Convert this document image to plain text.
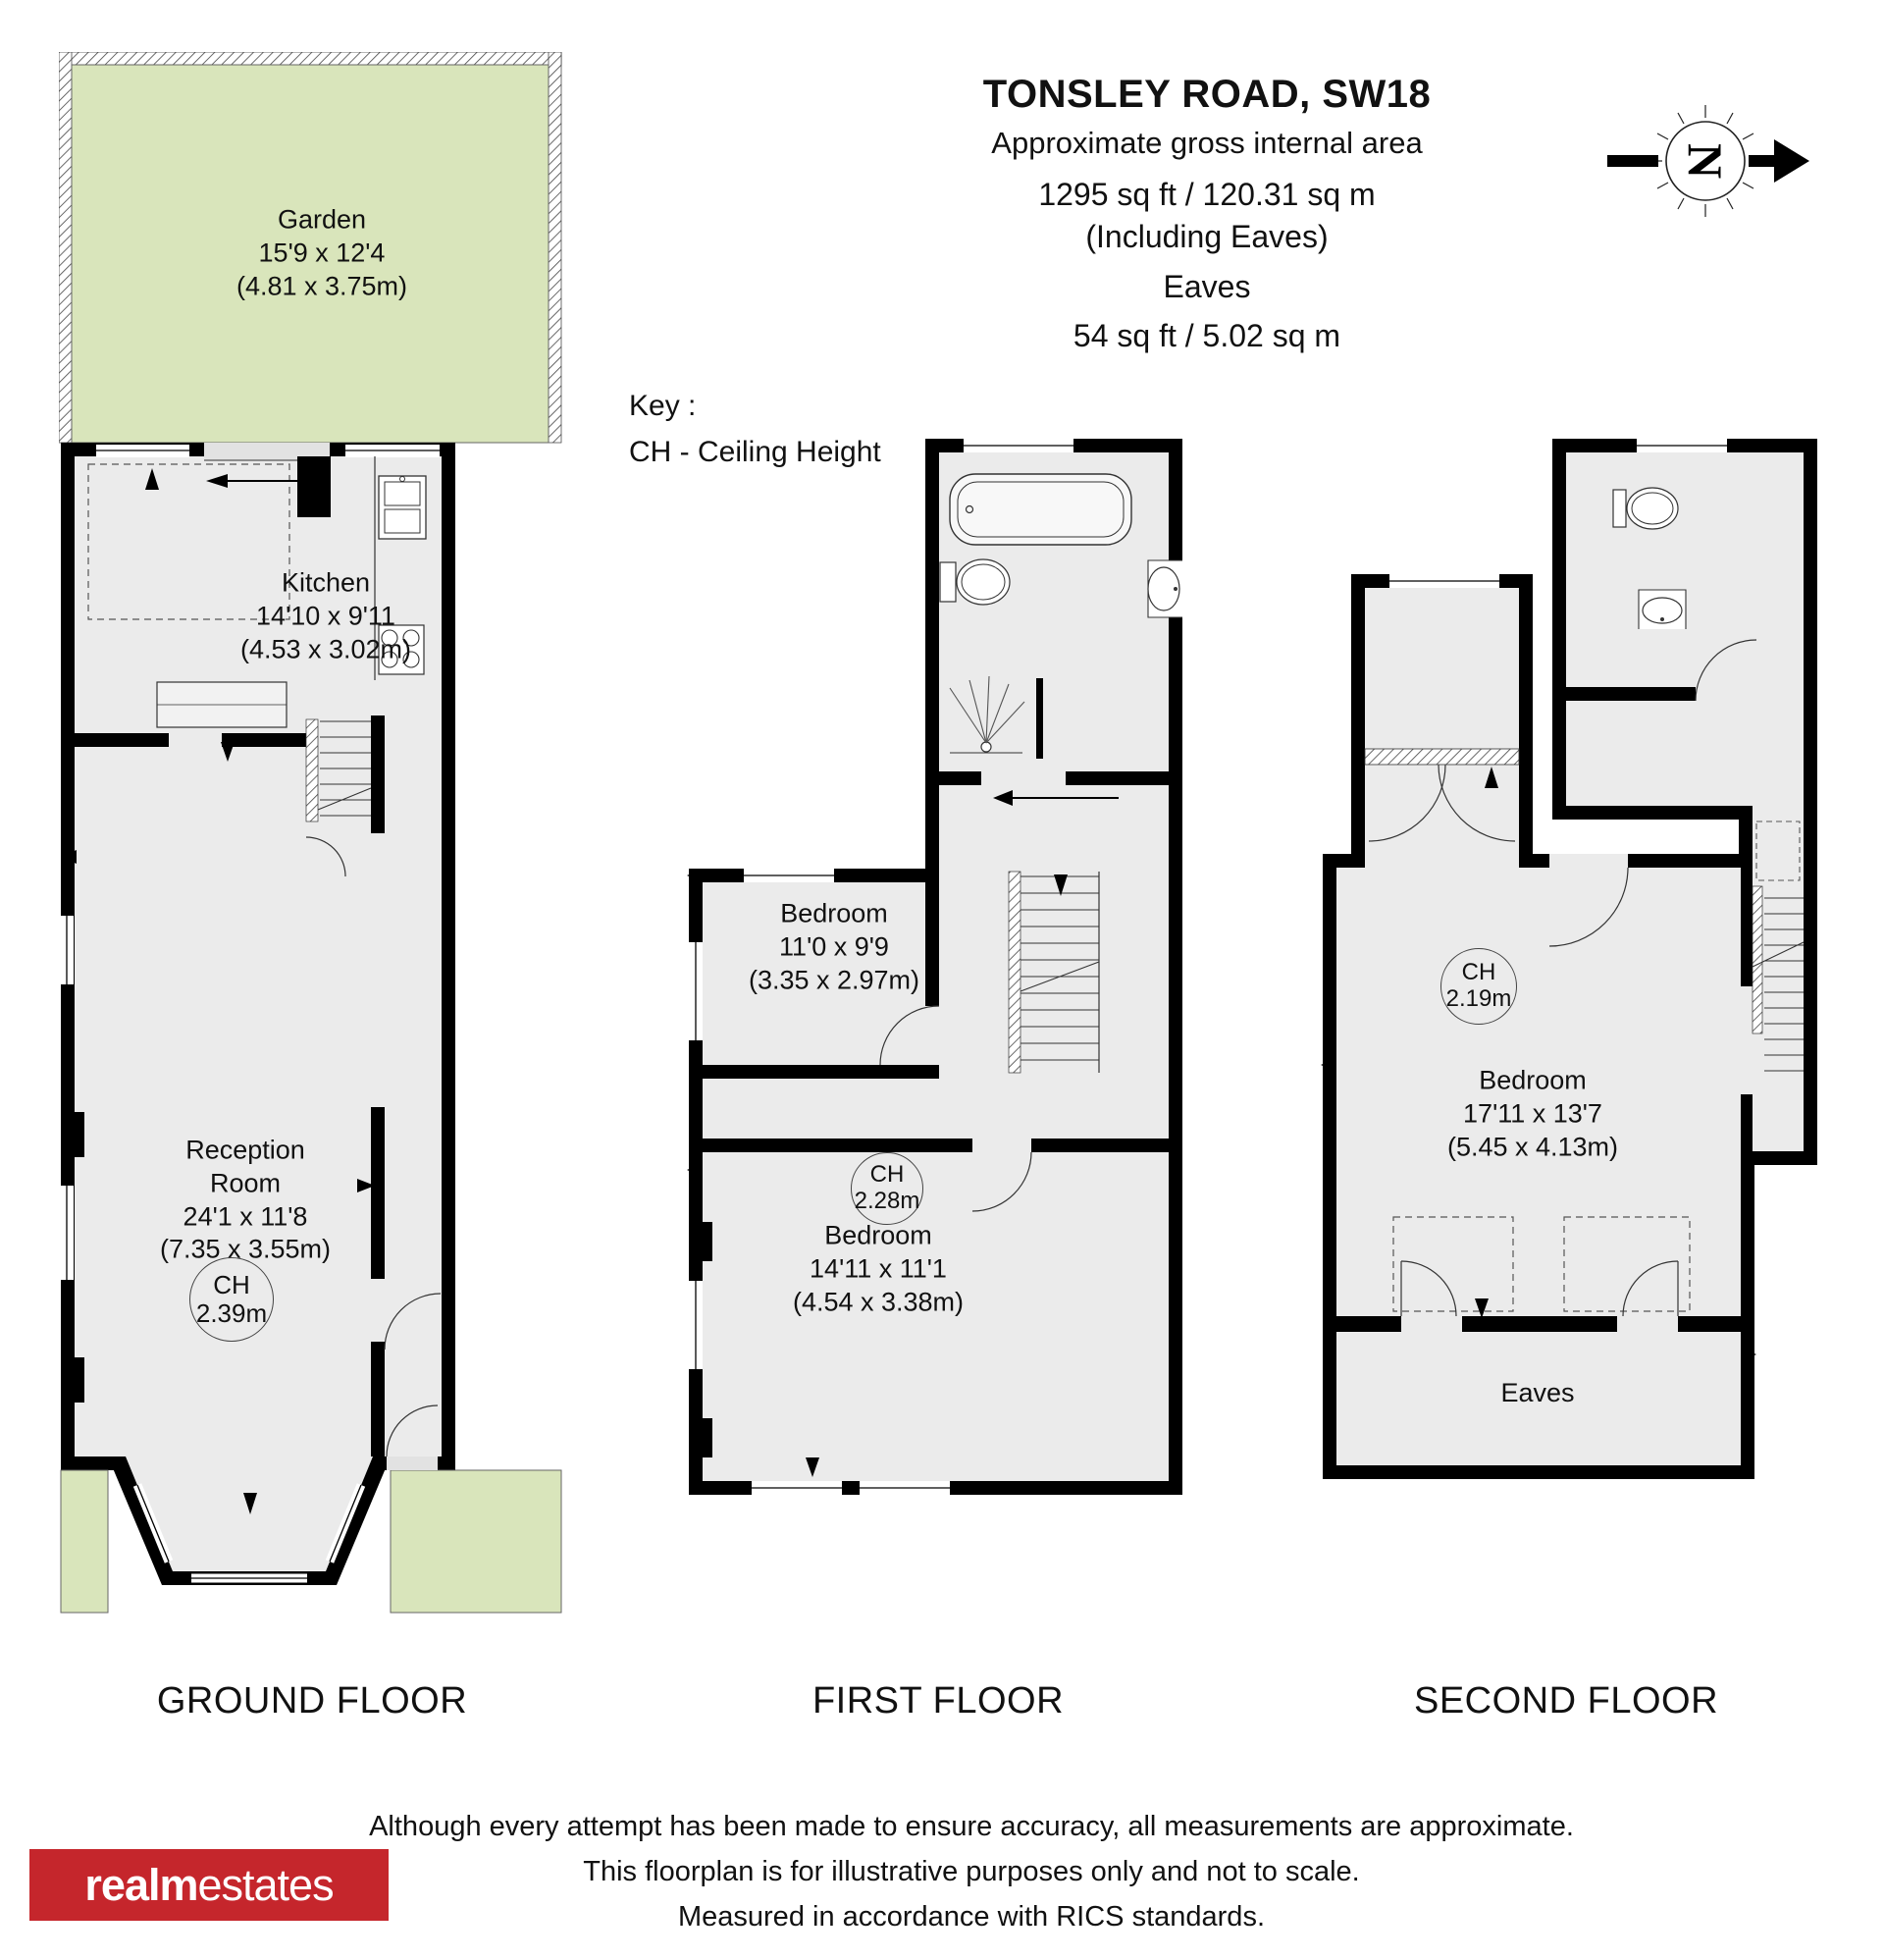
TONSLEY ROAD, SW18
Approximate gross internal area
1295 sq ft / 120.31 sq m
(Including Eaves)
Eaves
54 sq ft / 5.02 sq m
N
Key :
CH - Ceiling Height
Garden
15'9 x 12'4
(4.81 x 3.75m)
Kitchen
14'10 x 9'11
(4.53 x 3.02m)
Reception Room
24'1 x 11'8
(7.35 x 3.55m)
CH
2.39m
Bedroom
11'0 x 9'9
(3.35 x 2.97m)
CH
2.28m
Bedroom
14'11 x 11'1
(4.54 x 3.38m)
CH
2.19m
Bedroom
17'11 x 13'7
(5.45 x 4.13m)
Eaves
GROUND FLOOR	FIRST FLOOR	SECOND FLOOR
Although every attempt has been made to ensure accuracy, all measurements are approximate.
This floorplan is for illustrative purposes only and not to scale.
Measured in accordance with RICS standards.
realm estates
